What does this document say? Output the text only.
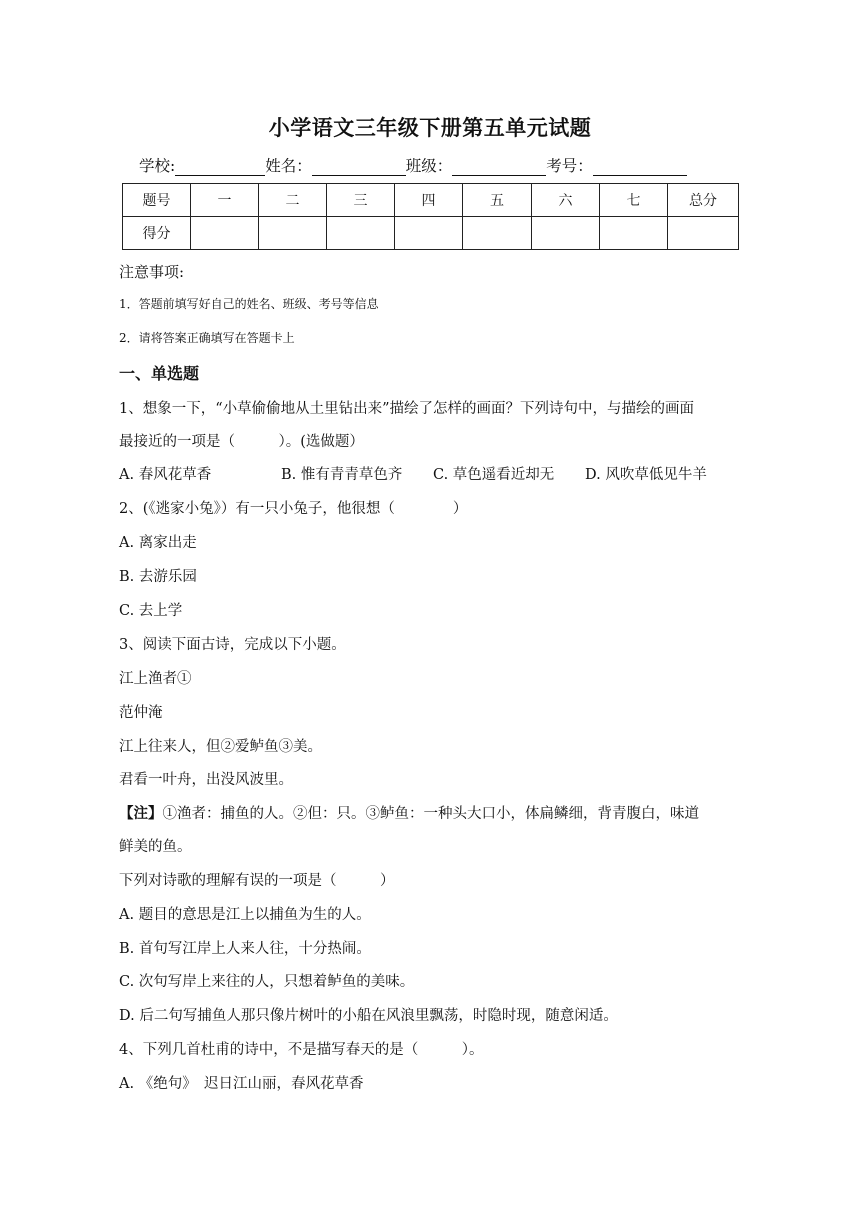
小学语文三年级下册第五单元试题
学校:	姓名：	班级：	考号：
题号	一	二	三	四	五	六	七	总分
得分								
注意事项:
1．答题前填写好自己的姓名、班级、考号等信息
2．请将答案正确填写在答题卡上
一、单选题
1、想象一下，“小草偷偷地从土里钻出来”描绘了怎样的画面？下列诗句中，与描绘的画面
最接近的一项是（　　　）。(选做题）
A. 春风花草香	B. 惟有青青草色齐 C. 草色遥看近却无 D. 风吹草低见牛羊
2、(《逃家小兔》）有一只小兔子，他很想（　　　　）
A. 离家出走
B. 去游乐园
C. 去上学
3、阅读下面古诗，完成以下小题。
江上渔者①
范仲淹
江上往来人，但②爱鲈鱼③美。
君看一叶舟，出没风波里。
【注】①渔者：捕鱼的人。②但：只。③鲈鱼：一种头大口小，体扁鳞细，背青腹白，味道
鲜美的鱼。
下列对诗歌的理解有误的一项是（　　　）
A. 题目的意思是江上以捕鱼为生的人。
B. 首句写江岸上人来人往，十分热闹。
C. 次句写岸上来往的人，只想着鲈鱼的美味。
D. 后二句写捕鱼人那只像片树叶的小船在风浪里飘荡，时隐时现，随意闲适。
4、下列几首杜甫的诗中，不是描写春天的是（　　　）。
A. 《绝句》　迟日江山丽，春风花草香
